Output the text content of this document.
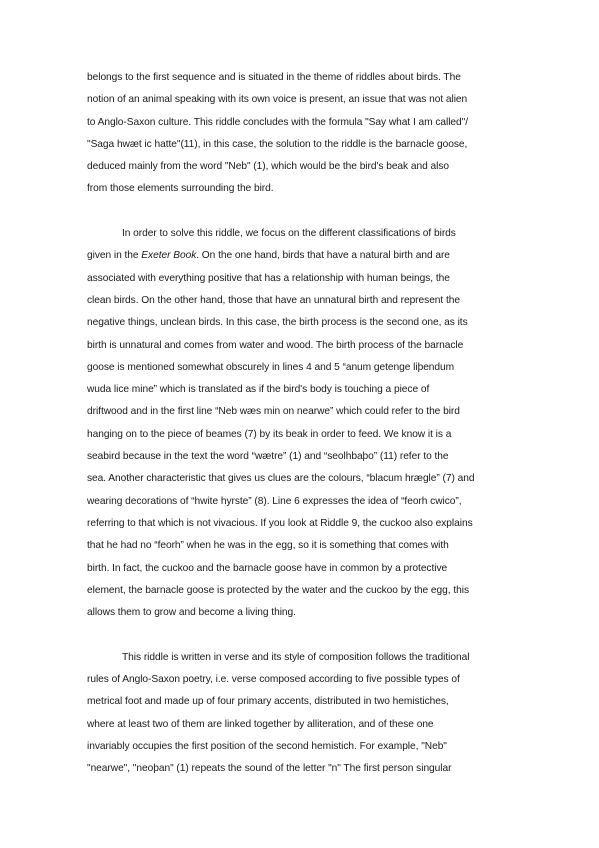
belongs to the first sequence and is situated in the theme of riddles about birds. The
notion of an animal speaking with its own voice is present, an issue that was not alien
to Anglo-Saxon culture. This riddle concludes with the formula "Say what I am called"/
"Saga hwæt ic hatte"(11), in this case, the solution to the riddle is the barnacle goose,
deduced mainly from the word "Neb" (1), which would be the bird's beak and also
from those elements surrounding the bird.
In order to solve this riddle, we focus on the different classifications of birds
given in the Exeter Book. On the one hand, birds that have a natural birth and are
associated with everything positive that has a relationship with human beings, the
clean birds. On the other hand, those that have an unnatural birth and represent the
negative things, unclean birds. In this case, the birth process is the second one, as its
birth is unnatural and comes from water and wood. The birth process of the barnacle
goose is mentioned somewhat obscurely in lines 4 and 5 “anum getenge liþendum
wuda lice mine” which is translated as if the bird's body is touching a piece of
driftwood and in the first line “Neb wæs min on nearwe” which could refer to the bird
hanging on to the piece of beames (7) by its beak in order to feed. We know it is a
seabird because in the text the word “wætre” (1) and “seolhbaþo” (11) refer to the
sea. Another characteristic that gives us clues are the colours, “blacum hrægle” (7) and
wearing decorations of “hwite hyrste” (8). Line 6 expresses the idea of “feorh cwico”,
referring to that which is not vivacious. If you look at Riddle 9, the cuckoo also explains
that he had no “feorh” when he was in the egg, so it is something that comes with
birth. In fact, the cuckoo and the barnacle goose have in common by a protective
element, the barnacle goose is protected by the water and the cuckoo by the egg, this
allows them to grow and become a living thing.
This riddle is written in verse and its style of composition follows the traditional
rules of Anglo-Saxon poetry, i.e. verse composed according to five possible types of
metrical foot and made up of four primary accents, distributed in two hemistiches,
where at least two of them are linked together by alliteration, and of these one
invariably occupies the first position of the second hemistich. For example, "Neb"
"nearwe", "neoþan" (1) repeats the sound of the letter "n" The first person singular
